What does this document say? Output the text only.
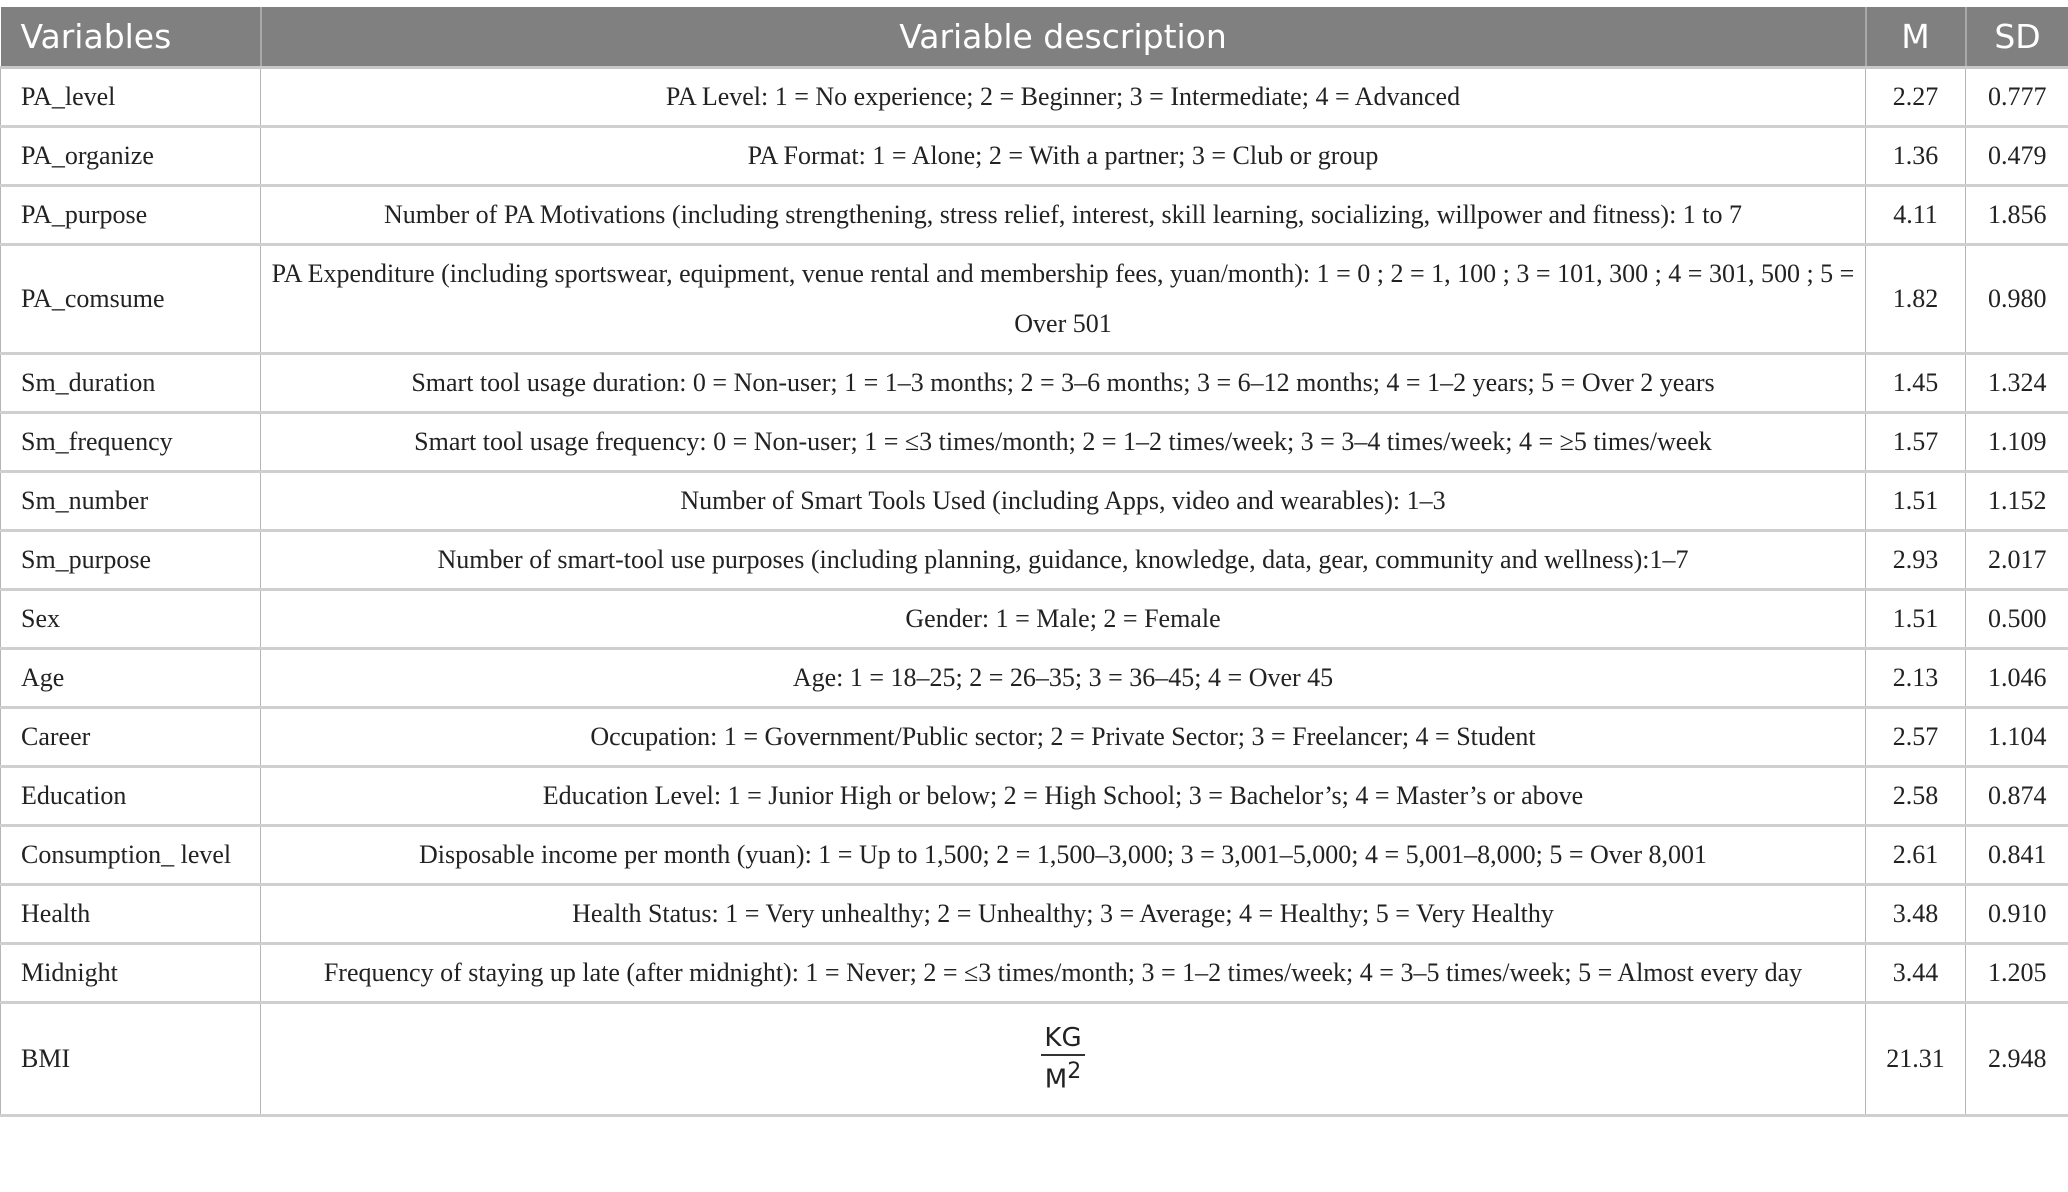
Variables	Variable description	M	SD
PA_level	PA Level: 1 = No experience; 2 = Beginner; 3 = Intermediate; 4 = Advanced	2.27	0.777
PA_organize	PA Format: 1 = Alone; 2 = With a partner; 3 = Club or group	1.36	0.479
PA_purpose	Number of PA Motivations (including strengthening, stress relief, interest, skill learning, socializing, willpower and fitness): 1 to 7	4.11	1.856
PA_comsume	PA Expenditure (including sportswear, equipment, venue rental and membership fees, yuan/month): 1 = 0 ; 2 = 1, 100 ; 3 = 101, 300 ; 4 = 301, 500 ; 5 = Over 501	1.82	0.980
Sm_duration	Smart tool usage duration: 0 = Non-user; 1 = 1–3 months; 2 = 3–6 months; 3 = 6–12 months; 4 = 1–2 years; 5 = Over 2 years	1.45	1.324
Sm_frequency	Smart tool usage frequency: 0 = Non-user; 1 = ≤3 times/month; 2 = 1–2 times/week; 3 = 3–4 times/week; 4 = ≥5 times/week	1.57	1.109
Sm_number	Number of Smart Tools Used (including Apps, video and wearables): 1–3	1.51	1.152
Sm_purpose	Number of smart-tool use purposes (including planning, guidance, knowledge, data, gear, community and wellness):1–7	2.93	2.017
Sex	Gender: 1 = Male; 2 = Female	1.51	0.500
Age	Age: 1 = 18–25; 2 = 26–35; 3 = 36–45; 4 = Over 45	2.13	1.046
Career	Occupation: 1 = Government/Public sector; 2 = Private Sector; 3 = Freelancer; 4 = Student	2.57	1.104
Education	Education Level: 1 = Junior High or below; 2 = High School; 3 = Bachelor’s; 4 = Master’s or above	2.58	0.874
Consumption_ level	Disposable income per month (yuan): 1 = Up to 1,500; 2 = 1,500–3,000; 3 = 3,001–5,000; 4 = 5,001–8,000; 5 = Over 8,001	2.61	0.841
Health	Health Status: 1 = Very unhealthy; 2 = Unhealthy; 3 = Average; 4 = Healthy; 5 = Very Healthy	3.48	0.910
Midnight	Frequency of staying up late (after midnight): 1 = Never; 2 = ≤3 times/month; 3 = 1–2 times/week; 4 = 3–5 times/week; 5 = Almost every day	3.44	1.205
BMI	$\frac{KG}{M^2}$	21.31	2.948
